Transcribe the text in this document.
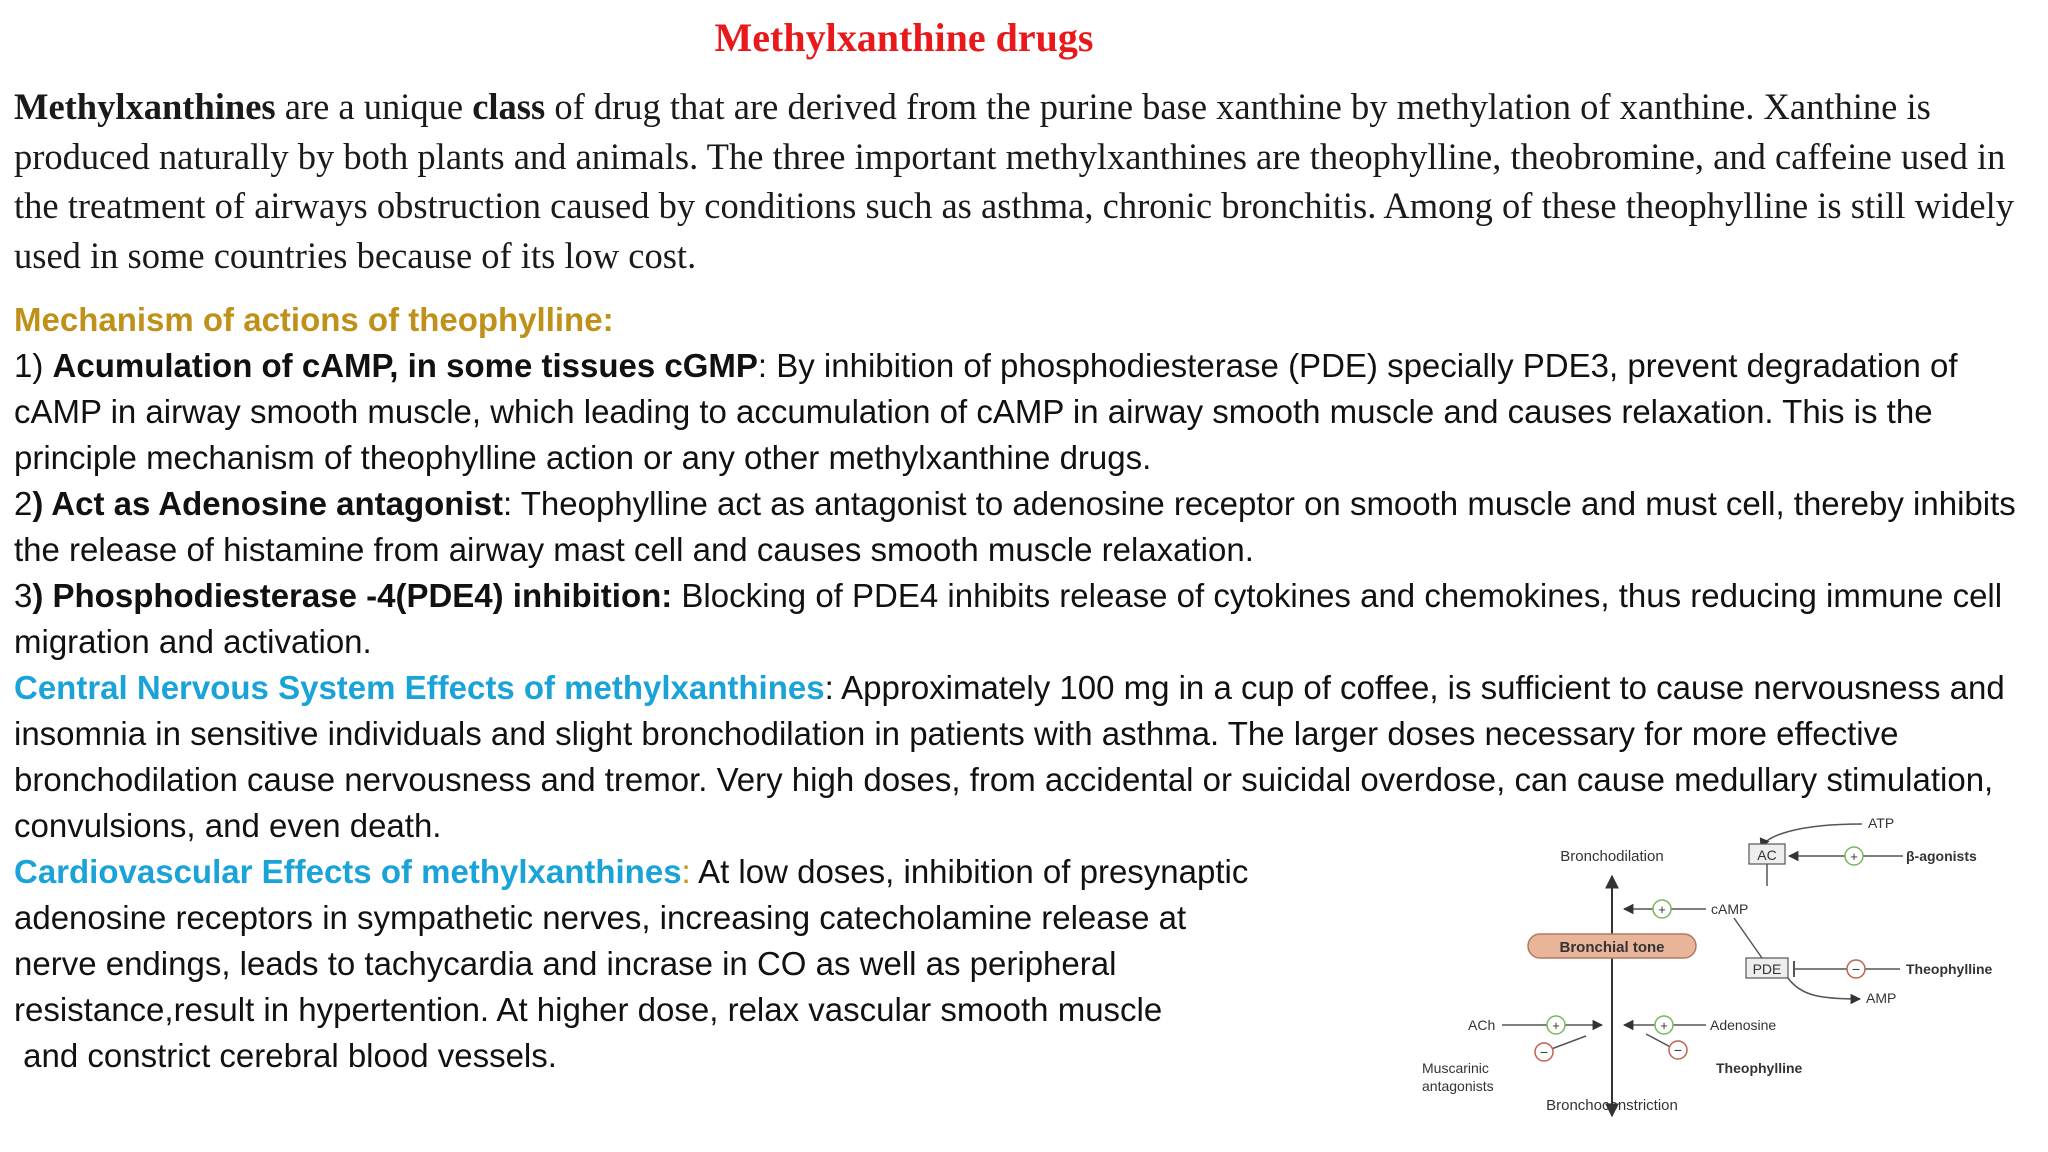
Methylxanthine drugs

Methylxanthines are a unique class of drug that are derived from the purine base xanthine by methylation of xanthine. Xanthine is produced naturally by both plants and animals. The three important methylxanthines are theophylline, theobromine, and caffeine used in the treatment of airways obstruction caused by conditions such as asthma, chronic bronchitis. Among of these theophylline is still widely used in some countries because of its low cost.

Mechanism of actions of theophylline:
1) Acumulation of cAMP, in some tissues cGMP: By inhibition of phosphodiesterase (PDE) specially PDE3, prevent degradation of cAMP in airway smooth muscle, which leading to accumulation of cAMP in airway smooth muscle and causes relaxation. This is the principle mechanism of theophylline action or any other methylxanthine drugs.
2) Act as Adenosine antagonist: Theophylline act as antagonist to adenosine receptor on smooth muscle and must cell, thereby inhibits the release of histamine from airway mast cell and causes smooth muscle relaxation.
3) Phosphodiesterase -4(PDE4) inhibition: Blocking of PDE4 inhibits release of cytokines and chemokines, thus reducing immune cell migration and activation.
Central Nervous System Effects of methylxanthines: Approximately 100 mg in a cup of coffee, is sufficient to cause nervousness and insomnia in sensitive individuals and slight bronchodilation in patients with asthma. The larger doses necessary for more effective bronchodilation cause nervousness and tremor. Very high doses, from accidental or suicidal overdose, can cause medullary stimulation, convulsions, and even death.
Cardiovascular Effects of methylxanthines: At low doses, inhibition of presynaptic
adenosine receptors in sympathetic nerves, increasing catecholamine release at
nerve endings, leads to tachycardia and incrase in CO as well as peripheral
resistance,result in hypertention. At higher dose, relax vascular smooth muscle
and constrict cerebral blood vessels.
Bronchodilation
Bronchoconstriction
Bronchial tone
ATP
AC	+	β-agonists
cAMP
+
PDE	−	Theophylline
AMP
ACh	+	Adenosine
+
−
Muscarinic
antagonists
−
Theophylline
